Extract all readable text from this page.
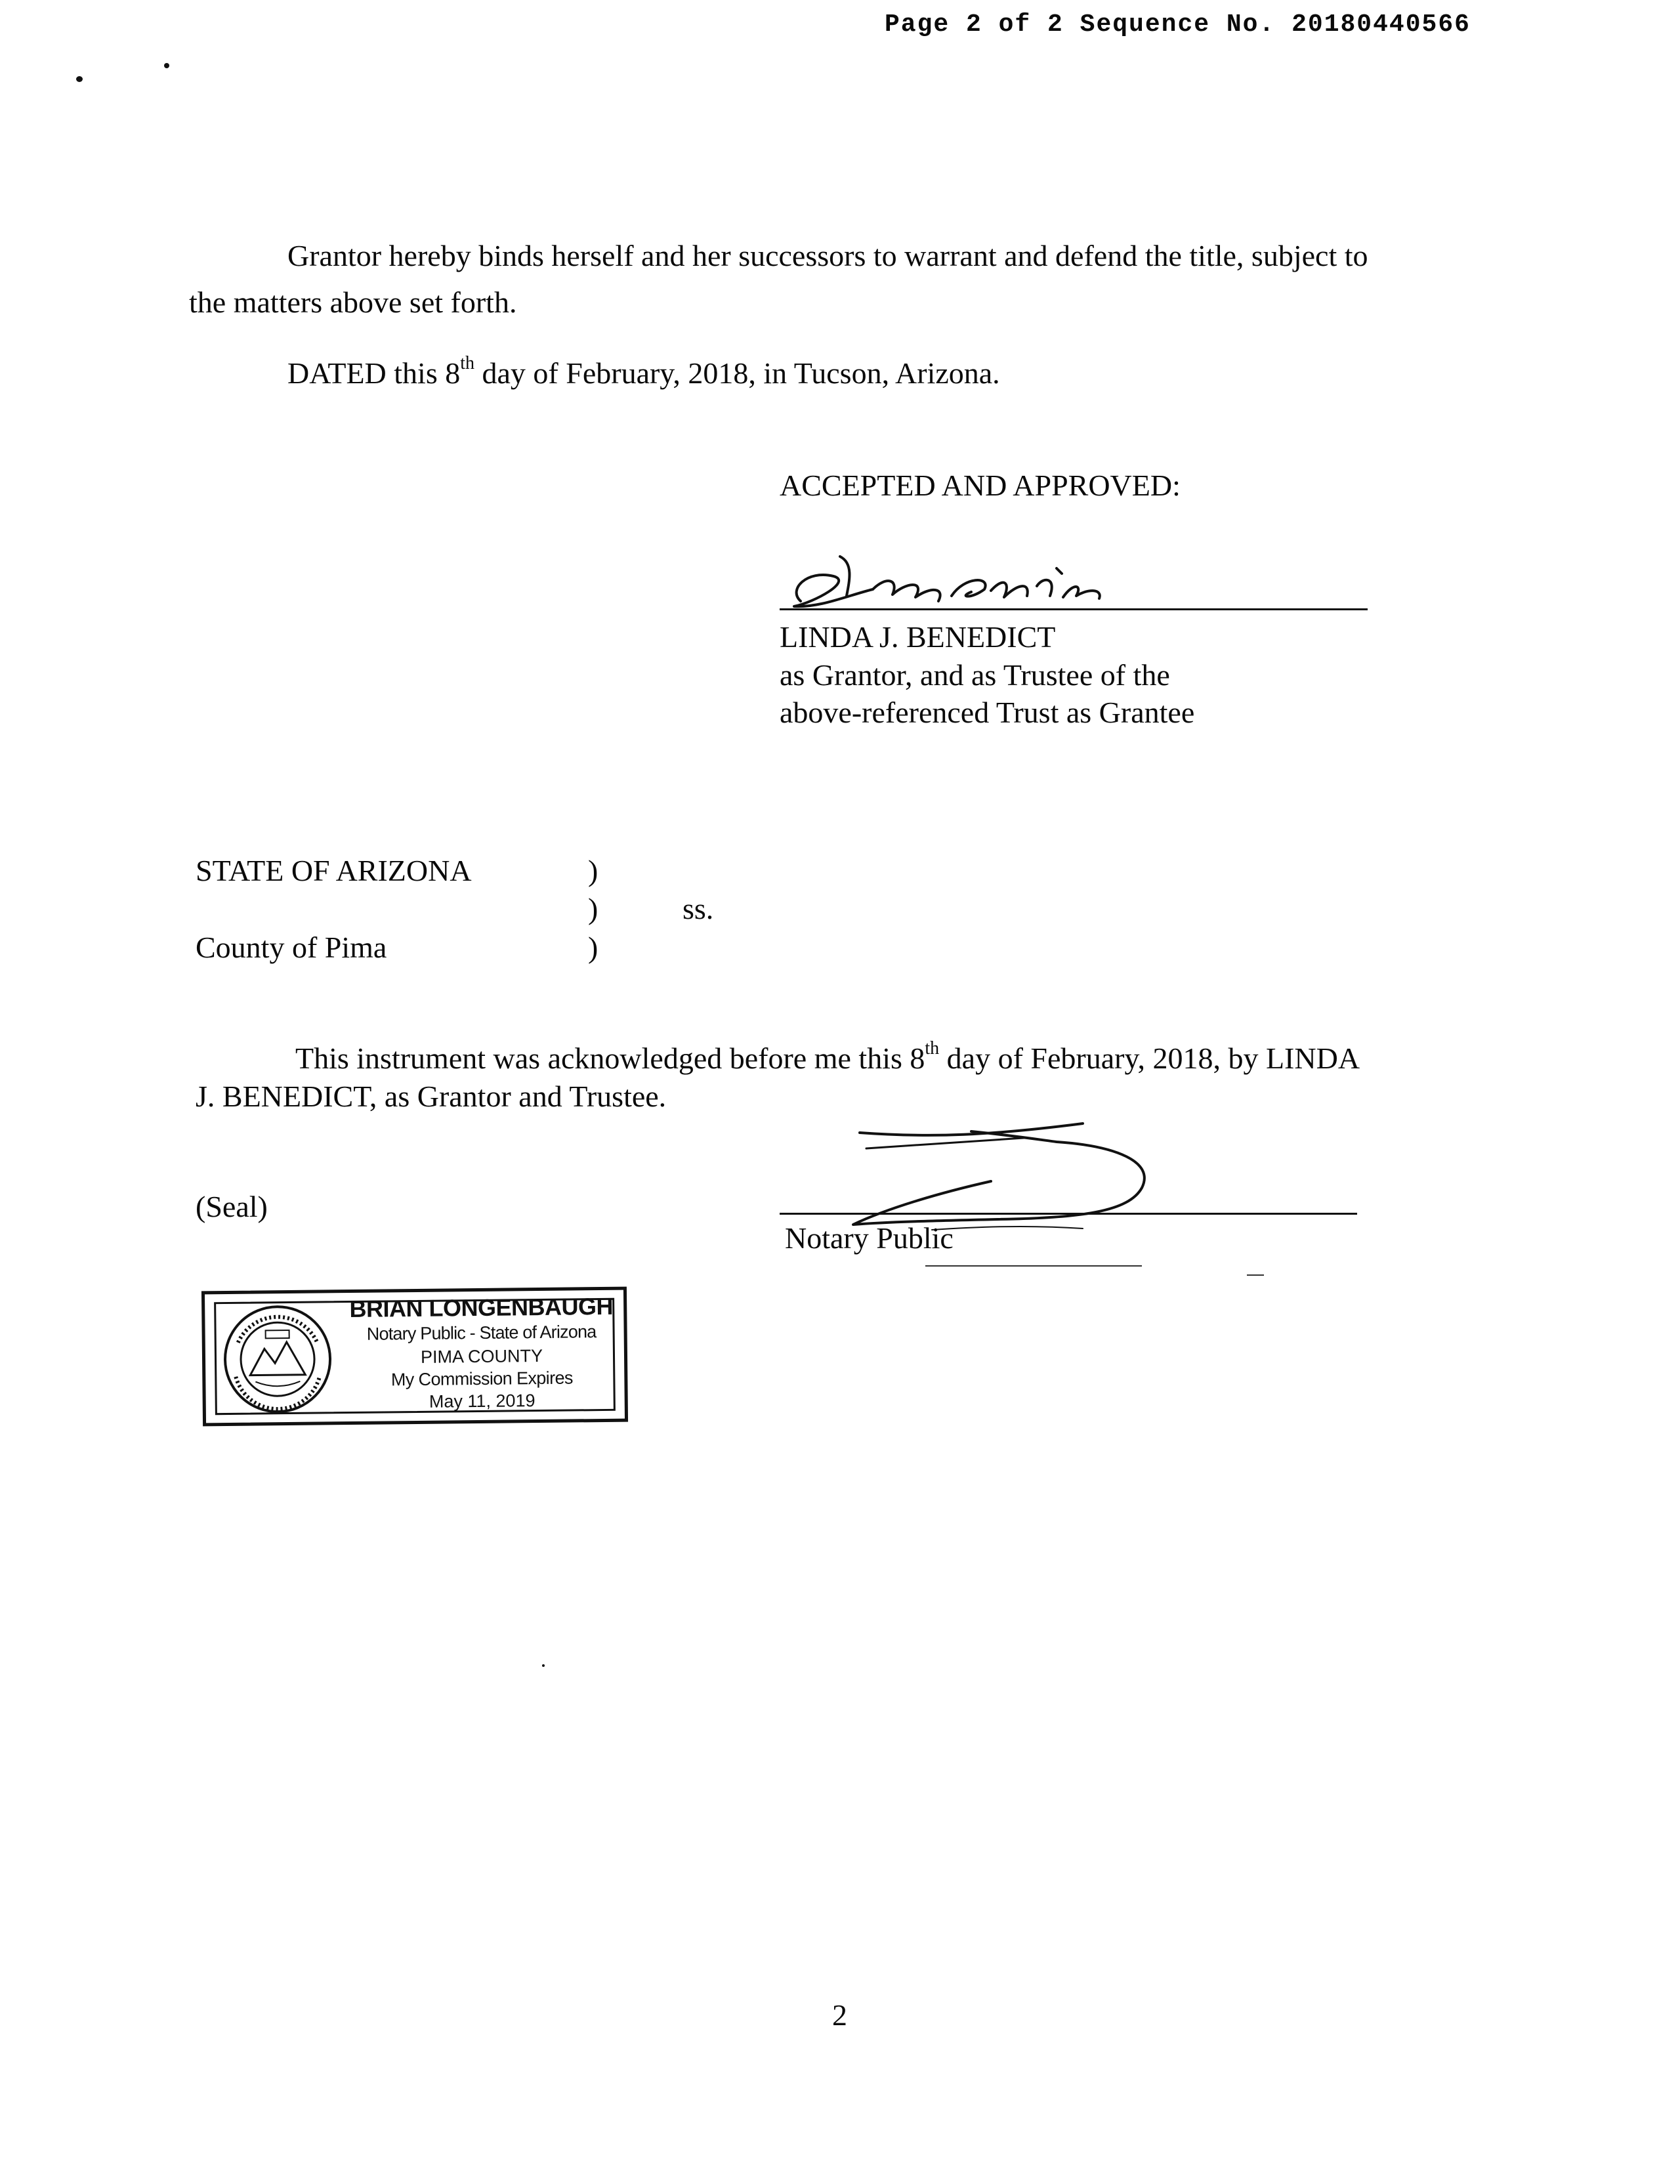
Page 2 of 2 Sequence No. 20180440566
Grantor hereby binds herself and her successors to warrant and defend the title, subject to
the matters above set forth.
DATED this 8th day of February, 2018, in Tucson, Arizona.
ACCEPTED AND APPROVED:
LINDA J. BENEDICT
as Grantor, and as Trustee of the
above-referenced Trust as Grantee
STATE OF ARIZONA	)
)	ss.
County of Pima	)
This instrument was acknowledged before me this 8th day of February, 2018, by LINDA
J. BENEDICT, as Grantor and Trustee.
Notary Public
(Seal)
BRIAN LONGENBAUGH
Notary Public - State of Arizona
PIMA COUNTY
My Commission Expires
May 11, 2019
2
